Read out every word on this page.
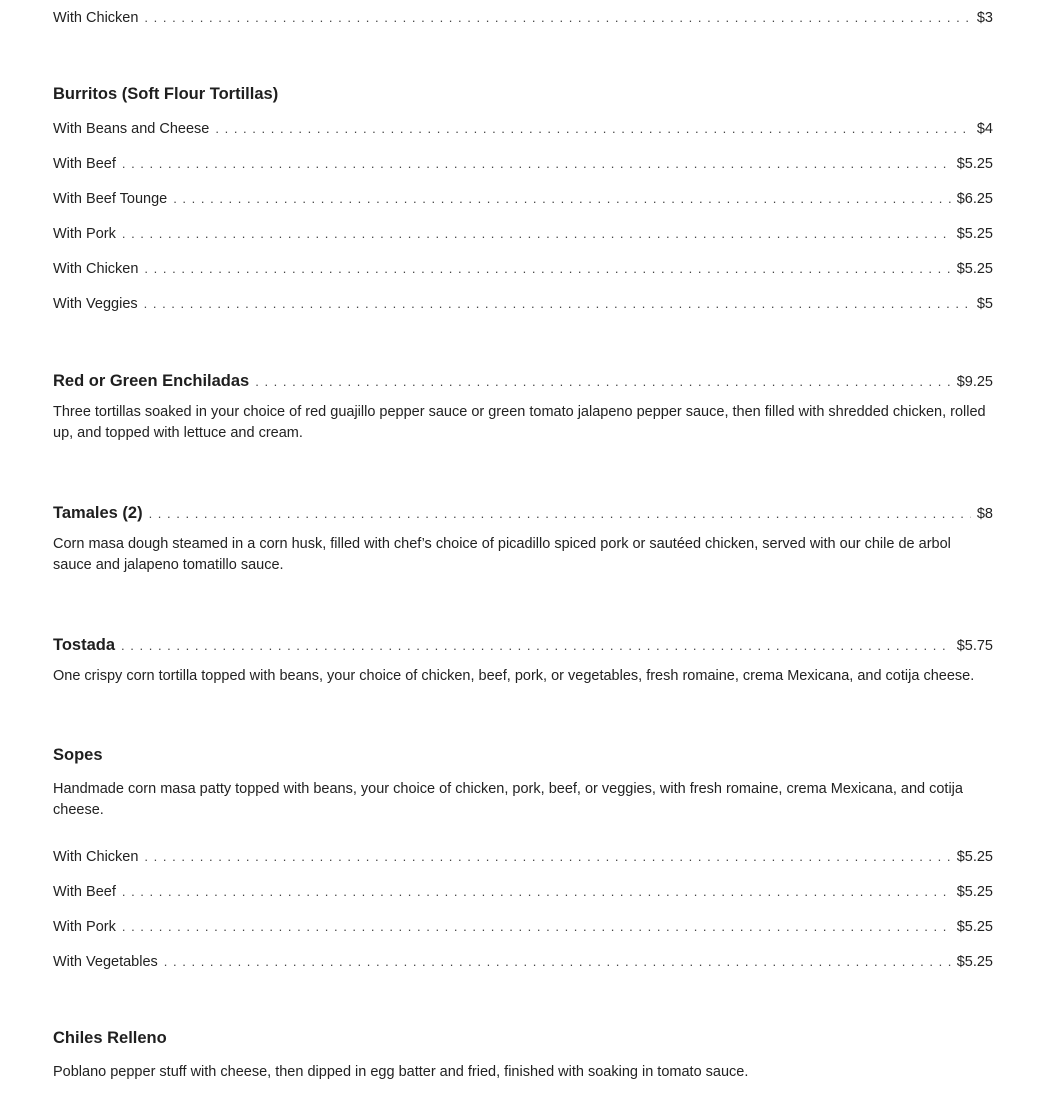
With Chicken . . .	$3
Burritos (Soft Flour Tortillas)
With Beans and Cheese . . .	$4
With Beef . . .	$5.25
With Beef Tounge . . .	$6.25
With Pork . . .	$5.25
With Chicken . . .	$5.25
With Veggies . . .	$5
Red or Green Enchiladas . . .	$9.25

Three tortillas soaked in your choice of red guajillo pepper sauce or green tomato jalapeno pepper sauce, then filled with shredded chicken, rolled up, and topped with lettuce and cream.

Tamales (2) . . .	$8

Corn masa dough steamed in a corn husk, filled with chef’s choice of picadillo spiced pork or sautéed chicken, served with our chile de arbol sauce and jalapeno tomatillo sauce.

Tostada . . .	$5.75

One crispy corn tortilla topped with beans, your choice of chicken, beef, pork, or vegetables, fresh romaine, crema Mexicana, and cotija cheese.

Sopes

Handmade corn masa patty topped with beans, your choice of chicken, pork, beef, or veggies, with fresh romaine, crema Mexicana, and cotija cheese.

With Chicken . . .	$5.25
With Beef . . .	$5.25
With Pork . . .	$5.25
With Vegetables . . .	$5.25
Chiles Relleno

Poblano pepper stuff with cheese, then dipped in egg batter and fried, finished with soaking in tomato sauce.
